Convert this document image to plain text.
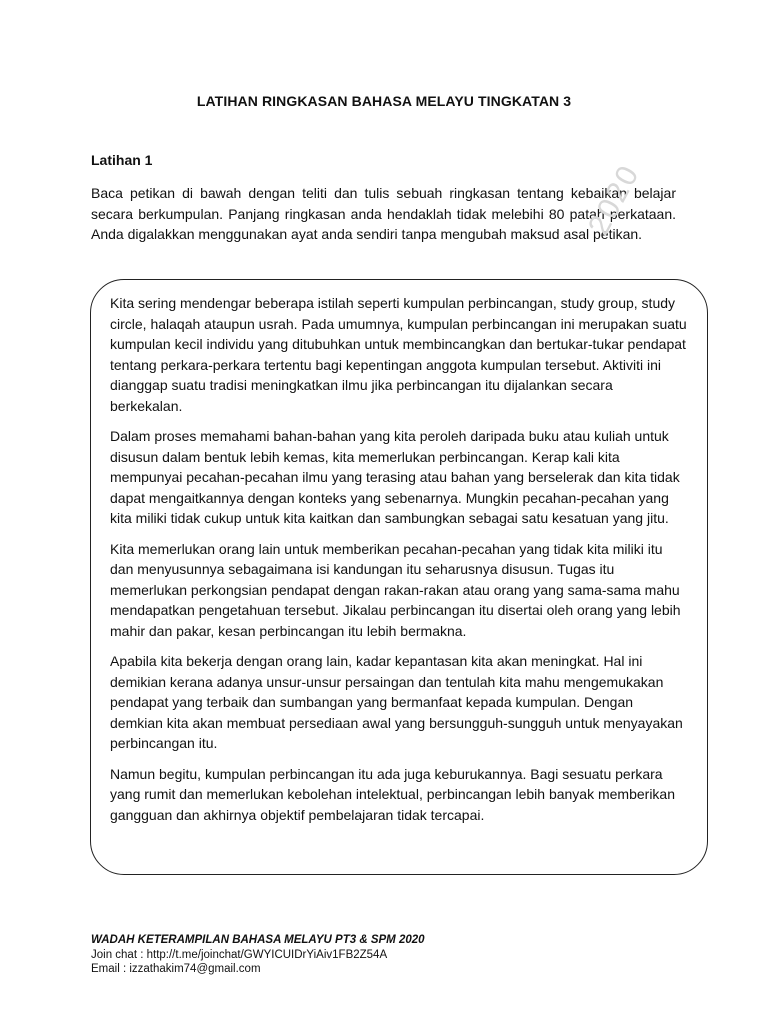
LATIHAN RINGKASAN BAHASA MELAYU TINGKATAN 3
Latihan 1

Baca petikan di bawah dengan teliti dan tulis sebuah ringkasan tentang kebaikan belajar secara berkumpulan. Panjang ringkasan anda hendaklah tidak melebihi 80 patah perkataan. Anda digalakkan menggunakan ayat anda sendiri tanpa mengubah maksud asal petikan.

2020

Kita sering mendengar beberapa istilah seperti kumpulan perbincangan, study group, study circle, halaqah ataupun usrah. Pada umumnya, kumpulan perbincangan ini merupakan suatu kumpulan kecil individu yang ditubuhkan untuk membincangkan dan bertukar-tukar pendapat tentang perkara-perkara tertentu bagi kepentingan anggota kumpulan tersebut. Aktiviti ini dianggap suatu tradisi meningkatkan ilmu jika perbincangan itu dijalankan secara berkekalan.

Dalam proses memahami bahan-bahan yang kita peroleh daripada buku atau kuliah untuk disusun dalam bentuk lebih kemas, kita memerlukan perbincangan. Kerap kali kita mempunyai pecahan-pecahan ilmu yang terasing atau bahan yang berselerak dan kita tidak dapat mengaitkannya dengan konteks yang sebenarnya. Mungkin pecahan-pecahan yang kita miliki tidak cukup untuk kita kaitkan dan sambungkan sebagai satu kesatuan yang jitu.

Kita memerlukan orang lain untuk memberikan pecahan-pecahan yang tidak kita miliki itu dan menyusunnya sebagaimana isi kandungan itu seharusnya disusun. Tugas itu memerlukan perkongsian pendapat dengan rakan-rakan atau orang yang sama-sama mahu mendapatkan pengetahuan tersebut. Jikalau perbincangan itu disertai oleh orang yang lebih mahir dan pakar, kesan perbincangan itu lebih bermakna.

Apabila kita bekerja dengan orang lain, kadar kepantasan kita akan meningkat. Hal ini demikian kerana adanya unsur-unsur persaingan dan tentulah kita mahu mengemukakan pendapat yang terbaik dan sumbangan yang bermanfaat kepada kumpulan. Dengan demkian kita akan membuat persediaan awal yang bersungguh-sungguh untuk menyayakan perbincangan itu.

Namun begitu, kumpulan perbincangan itu ada juga keburukannya. Bagi sesuatu perkara yang rumit dan memerlukan kebolehan intelektual, perbincangan lebih banyak memberikan gangguan dan akhirnya objektif pembelajaran tidak tercapai.

WADAH KETERAMPILAN BAHASA MELAYU PT3 & SPM 2020
Join chat : http://t.me/joinchat/GWYICUIDrYiAiv1FB2Z54A
Email : izzathakim74@gmail.com
